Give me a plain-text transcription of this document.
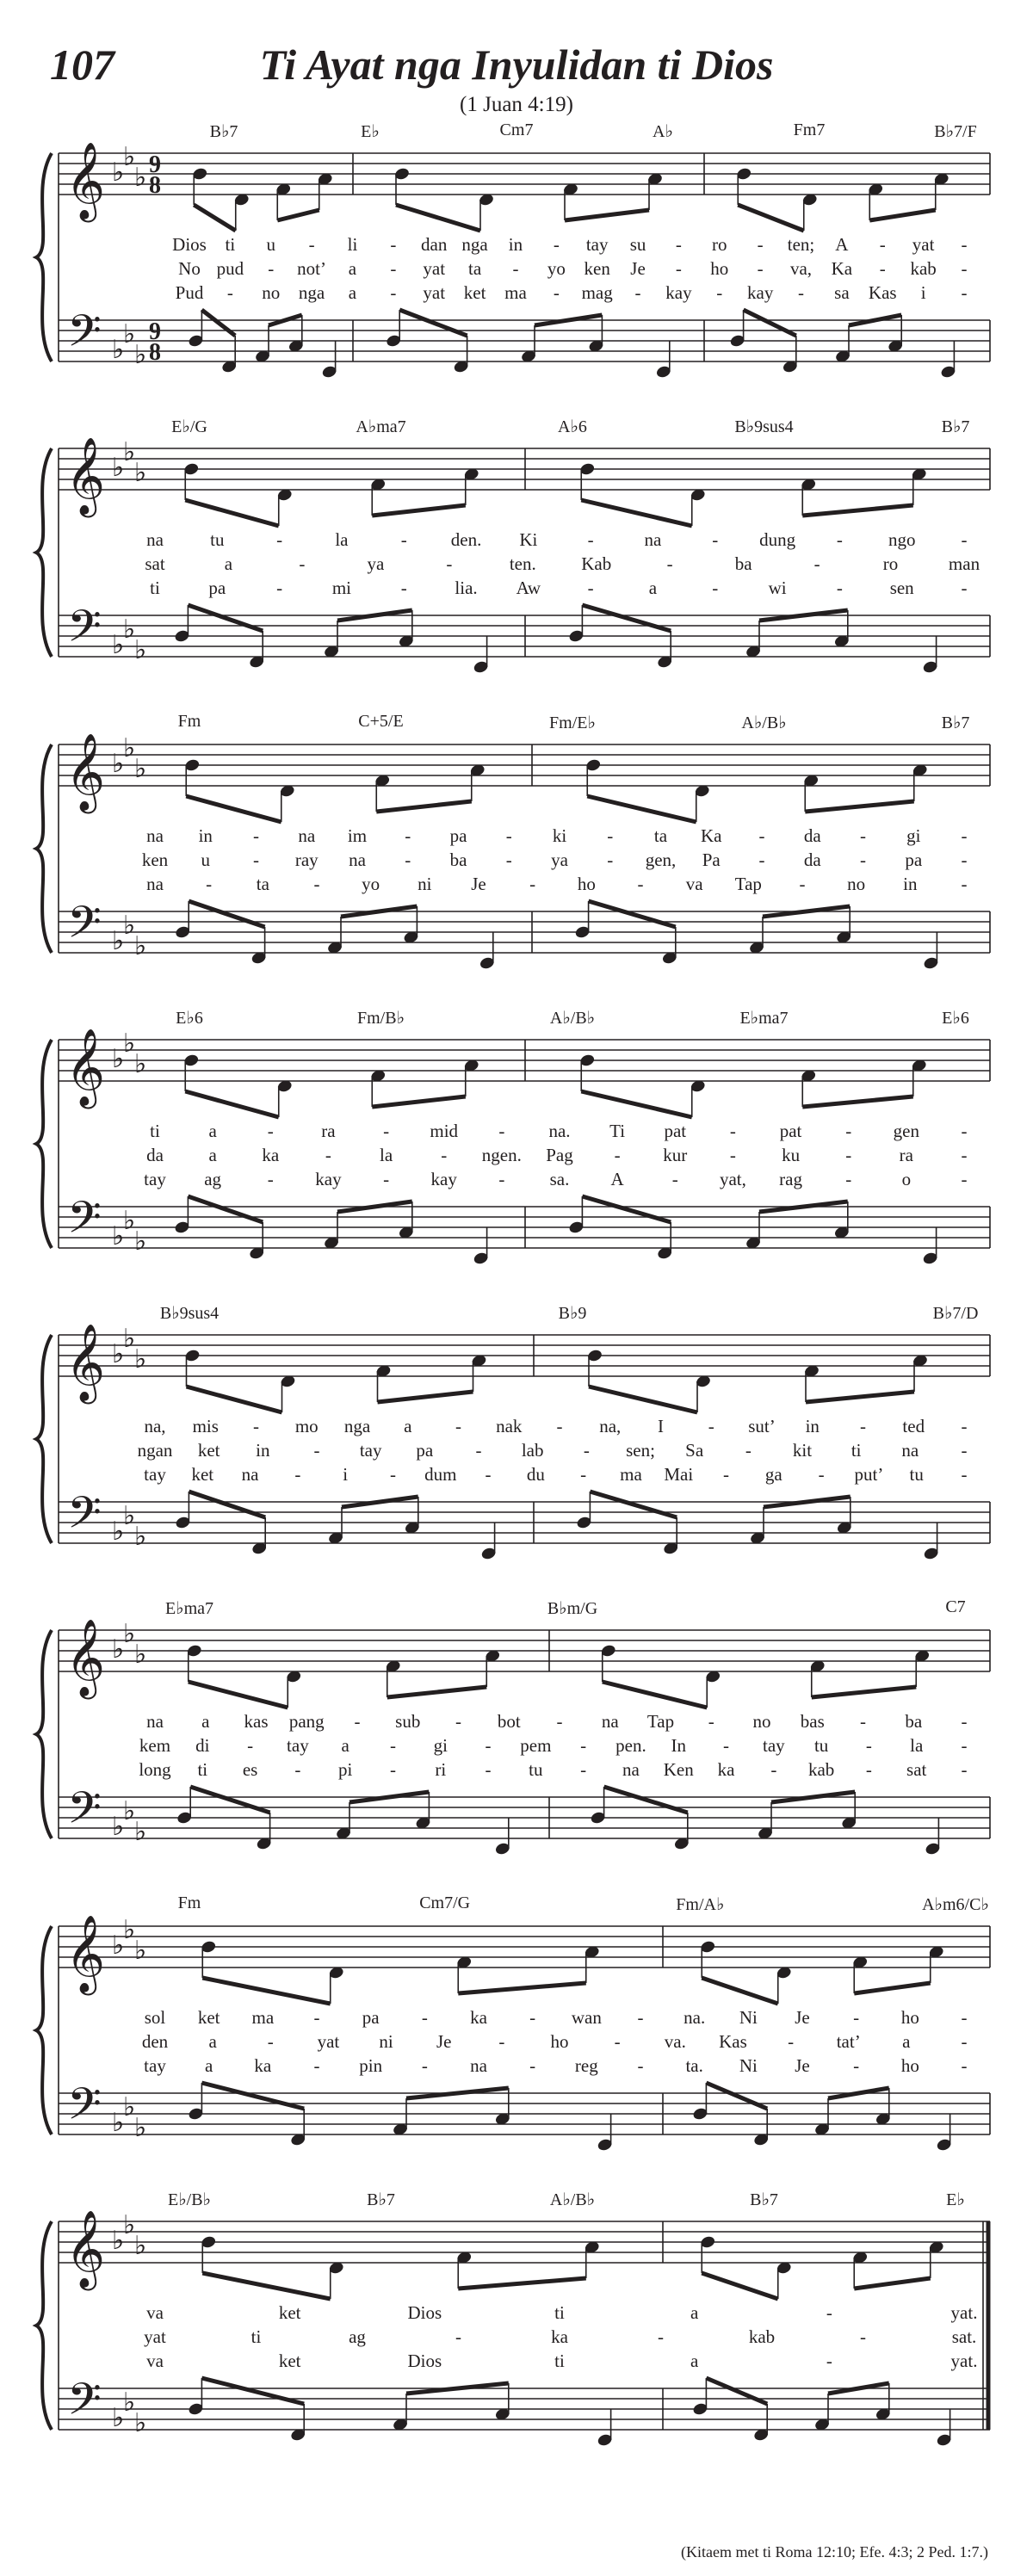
107	Ti Ayat nga Inyulidan ti Dios
(1 Juan 4:19)
𝄞
𝄢
♭
♭
♭
♭
♭
♭
9
8
9
8
B♭7	E♭	Cm7	A♭	Fm7	B♭7/F
Dios ti u - li - dan nga in - tay su - ro - ten; A - yat -
No pud - not’ a - yat ta - yo ken Je - ho - va, Ka - kab -
Pud - no nga a - yat ket ma - mag - kay - kay - sa Kas i -
𝄞
𝄢
♭
♭
♭
♭
♭
♭
E♭/G	A♭ma7	A♭6	B♭9sus4	B♭7
na	tu	-	la	- den. Ki	-	na	- dung -	ngo	-
sat	a	-	ya	-	ten.	Kab	-	ba	-	ro	man
ti	pa	-	mi	-	lia. Aw	-	a	-	wi	-	sen	-
𝄞
𝄢
♭
♭
♭
♭
♭
♭
Fm	C+5/E	Fm/E♭	A♭/B♭	B♭7
na in - na im - pa - ki - ta Ka - da - gi -
ken u - ray na - ba - ya - gen, Pa - da - pa -
na - ta - yo ni Je - ho - va Tap - no in -
𝄞
𝄢
♭
♭
♭
♭
♭
♭
E♭6	Fm/B♭	A♭/B♭	E♭ma7	E♭6
ti	a	-	ra	- mid - na. Ti pat - pat - gen -
da	a	ka	-	la	- ngen. Pag - kur -	ku	-	ra	-
tay ag	- kay - kay - sa. A	- yat, rag -	o	-
𝄞
𝄢
♭
♭
♭
♭
♭
♭
B♭9sus4	B♭9	B♭7/D
na, mis - mo nga a - nak - na, I - sut’ in - ted -
ngan ket in - tay pa - lab - sen; Sa - kit ti na -
tay ket na - i - dum - du - ma Mai - ga - put’ tu -
𝄞
𝄢
♭
♭
♭
♭
♭
♭
E♭ma7	B♭m/G	C7
na a kas pang - sub - bot - na Tap - no bas - ba -
kem di - tay a - gi - pem - pen. In - tay tu - la -
long ti es - pi - ri - tu - na Ken ka - kab - sat -
𝄞
𝄢
♭
♭
♭
♭
♭
♭
Fm	Cm7/G	Fm/A♭	A♭m6/C♭
sol ket ma - pa - ka - wan - na. Ni Je - ho -
den a	- yat ni Je	-	ho	- va. Kas - tat’ a	-
tay a ka - pin - na - reg - ta. Ni Je - ho -
𝄞
𝄢
♭
♭
♭
♭
♭
♭
E♭/B♭	B♭7	A♭/B♭	B♭7	E♭
va	ket	Dios	ti	a	-	yat.
yat	ti	ag	-	ka	-	kab	-	sat.
va	ket	Dios	ti	a	-	yat.
(Kitaem met ti Roma 12:10; Efe. 4:3; 2 Ped. 1:7.)
